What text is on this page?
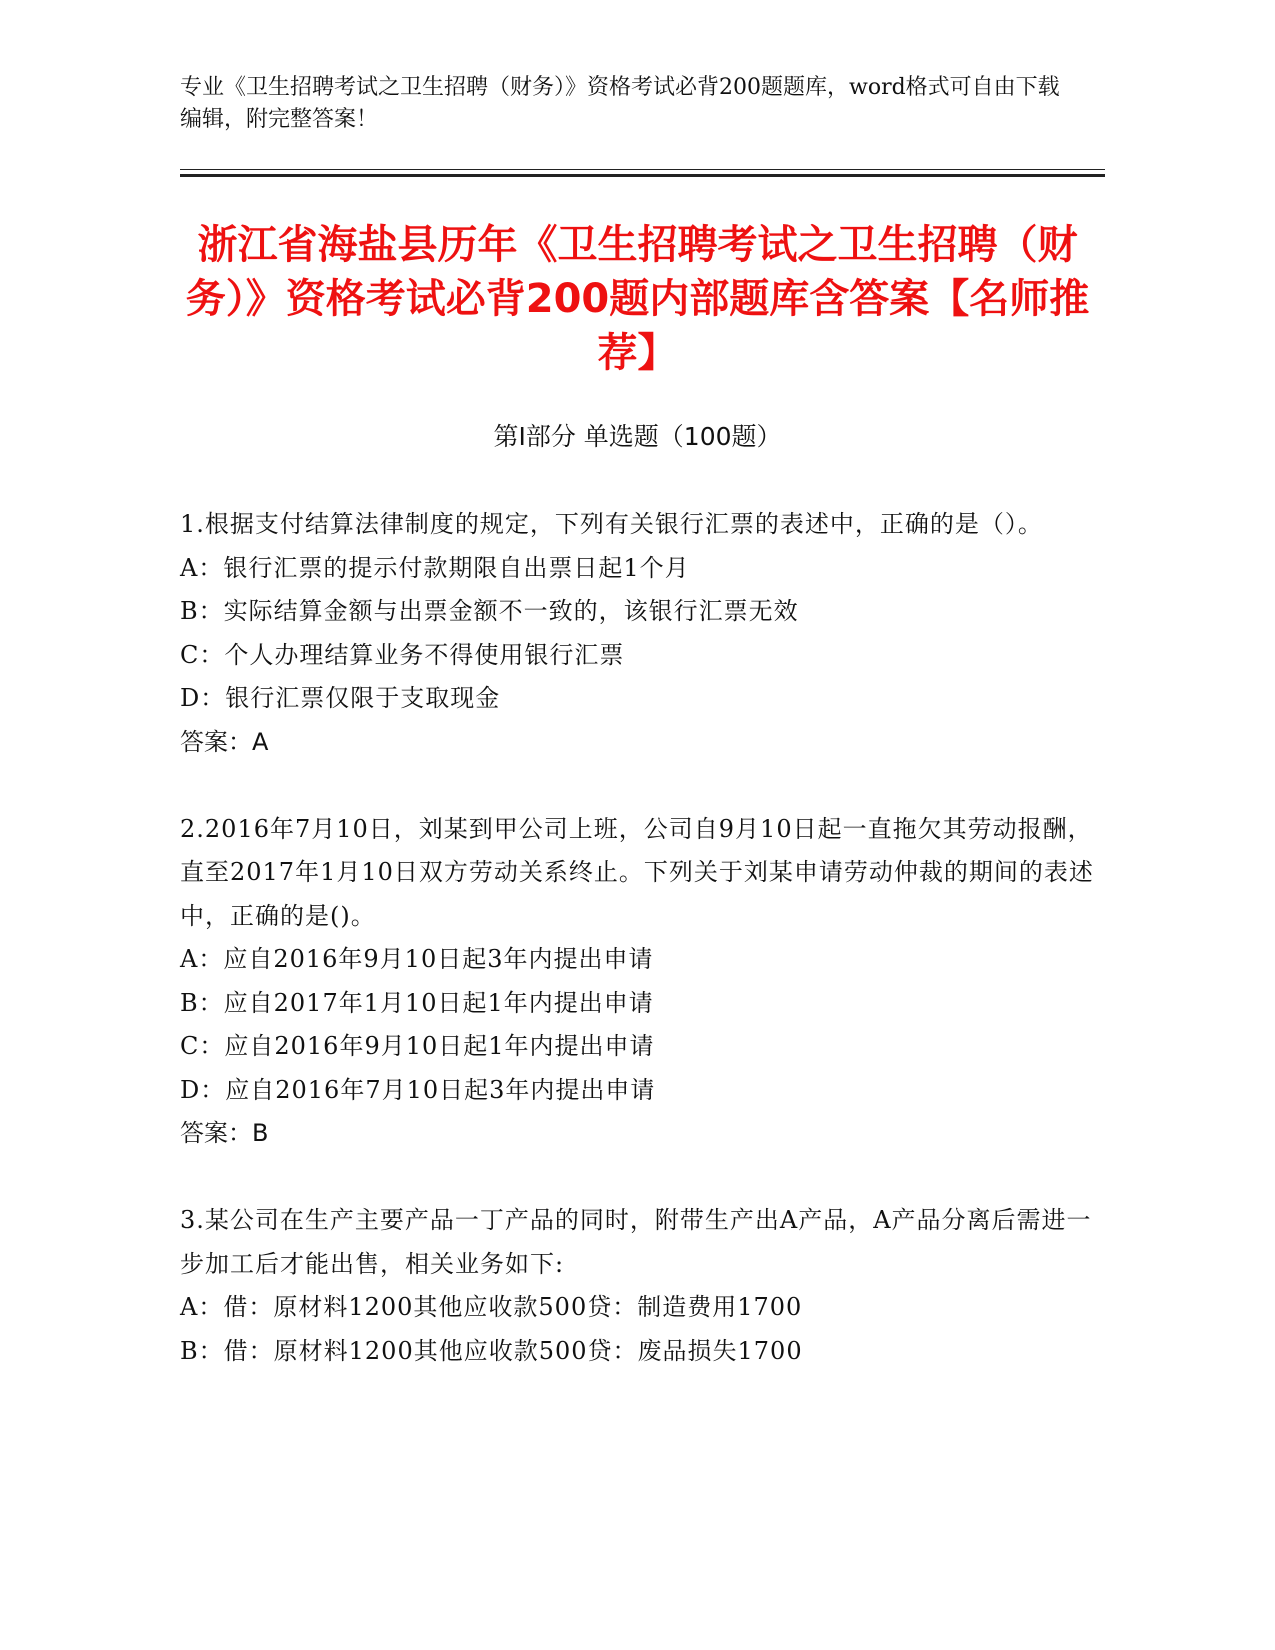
专业《卫生招聘考试之卫生招聘（财务）》资格考试必背200题题库，word格式可自由下载编辑，附完整答案！
浙江省海盐县历年《卫生招聘考试之卫生招聘（财务）》资格考试必背200题内部题库含答案【名师推荐】
第Ⅰ部分 单选题（100题）

1.根据支付结算法律制度的规定，下列有关银行汇票的表述中，正确的是（）。

A：银行汇票的提示付款期限自出票日起1个月

B：实际结算金额与出票金额不一致的，该银行汇票无效

C：个人办理结算业务不得使用银行汇票

D：银行汇票仅限于支取现金

答案：A

2.2016年7月10日，刘某到甲公司上班，公司自9月10日起一直拖欠其劳动报酬，直至2017年1月10日双方劳动关系终止。下列关于刘某申请劳动仲裁的期间的表述中，正确的是()。

A：应自2016年9月10日起3年内提出申请

B：应自2017年1月10日起1年内提出申请

C：应自2016年9月10日起1年内提出申请

D：应自2016年7月10日起3年内提出申请

答案：B

3.某公司在生产主要产品一丁产品的同时，附带生产出A产品，A产品分离后需进一步加工后才能出售，相关业务如下:

A：借：原材料1200其他应收款500贷：制造费用1700

B：借：原材料1200其他应收款500贷：废品损失1700
